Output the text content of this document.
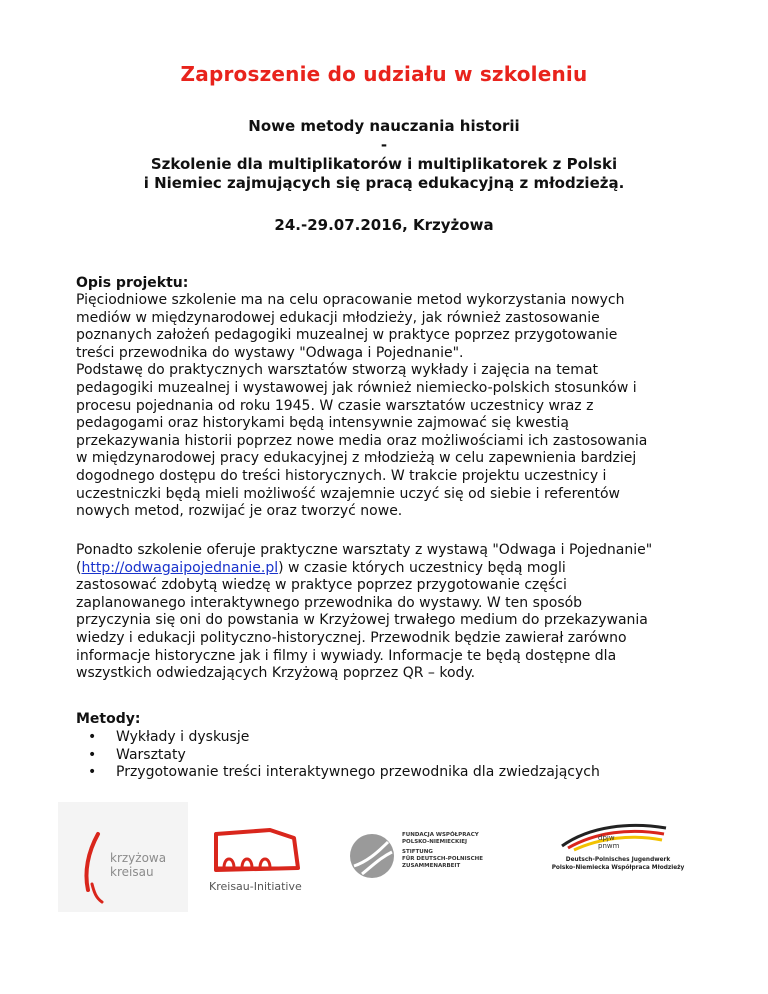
Zaproszenie do udziału w szkoleniu
Nowe metody nauczania historii
-
Szkolenie dla multiplikatorów i multiplikatorek z Polski
i Niemiec zajmujących się pracą edukacyjną z młodzieżą.
24.-29.07.2016, Krzyżowa
Opis projektu:
Pięciodniowe szkolenie ma na celu opracowanie metod wykorzystania nowych
mediów w międzynarodowej edukacji młodzieży, jak również zastosowanie
poznanych założeń pedagogiki muzealnej w praktyce poprzez przygotowanie
treści przewodnika do wystawy "Odwaga i Pojednanie".
Podstawę do praktycznych warsztatów stworzą wykłady i zajęcia na temat
pedagogiki muzealnej i wystawowej jak również niemiecko-polskich stosunków i
procesu pojednania od roku 1945. W czasie warsztatów uczestnicy wraz z
pedagogami oraz historykami będą intensywnie zajmować się kwestią
przekazywania historii poprzez nowe media oraz możliwościami ich zastosowania
w międzynarodowej pracy edukacyjnej z młodzieżą w celu zapewnienia bardziej
dogodnego dostępu do treści historycznych. W trakcie projektu uczestnicy i
uczestniczki będą mieli możliwość wzajemnie uczyć się od siebie i referentów
nowych metod, rozwijać je oraz tworzyć nowe.
Ponadto szkolenie oferuje praktyczne warsztaty z wystawą "Odwaga i Pojednanie"
(http://odwagaipojednanie.pl) w czasie których uczestnicy będą mogli
zastosować zdobytą wiedzę w praktyce poprzez przygotowanie części
zaplanowanego interaktywnego przewodnika do wystawy. W ten sposób
przyczynia się oni do powstania w Krzyżowej trwałego medium do przekazywania
wiedzy i edukacji polityczno-historycznej. Przewodnik będzie zawierał zarówno
informacje historyczne jak i filmy i wywiady. Informacje te będą dostępne dla
wszystkich odwiedzających Krzyżową poprzez QR – kody.
Metody:
• Wykłady i dyskusje
• Warsztaty
• Przygotowanie treści interaktywnego przewodnika dla zwiedzających
krzyżowa
kreisau
Kreisau-Initiative
FUNDACJA WSPÓŁPRACY
POLSKO-NIEMIECKIEJ
STIFTUNG
FÜR DEUTSCH-POLNISCHE
ZUSAMMENARBEIT
dpjw
pnwm
Deutsch-Polnisches Jugendwerk
Polsko-Niemiecka Współpraca Młodzieży
